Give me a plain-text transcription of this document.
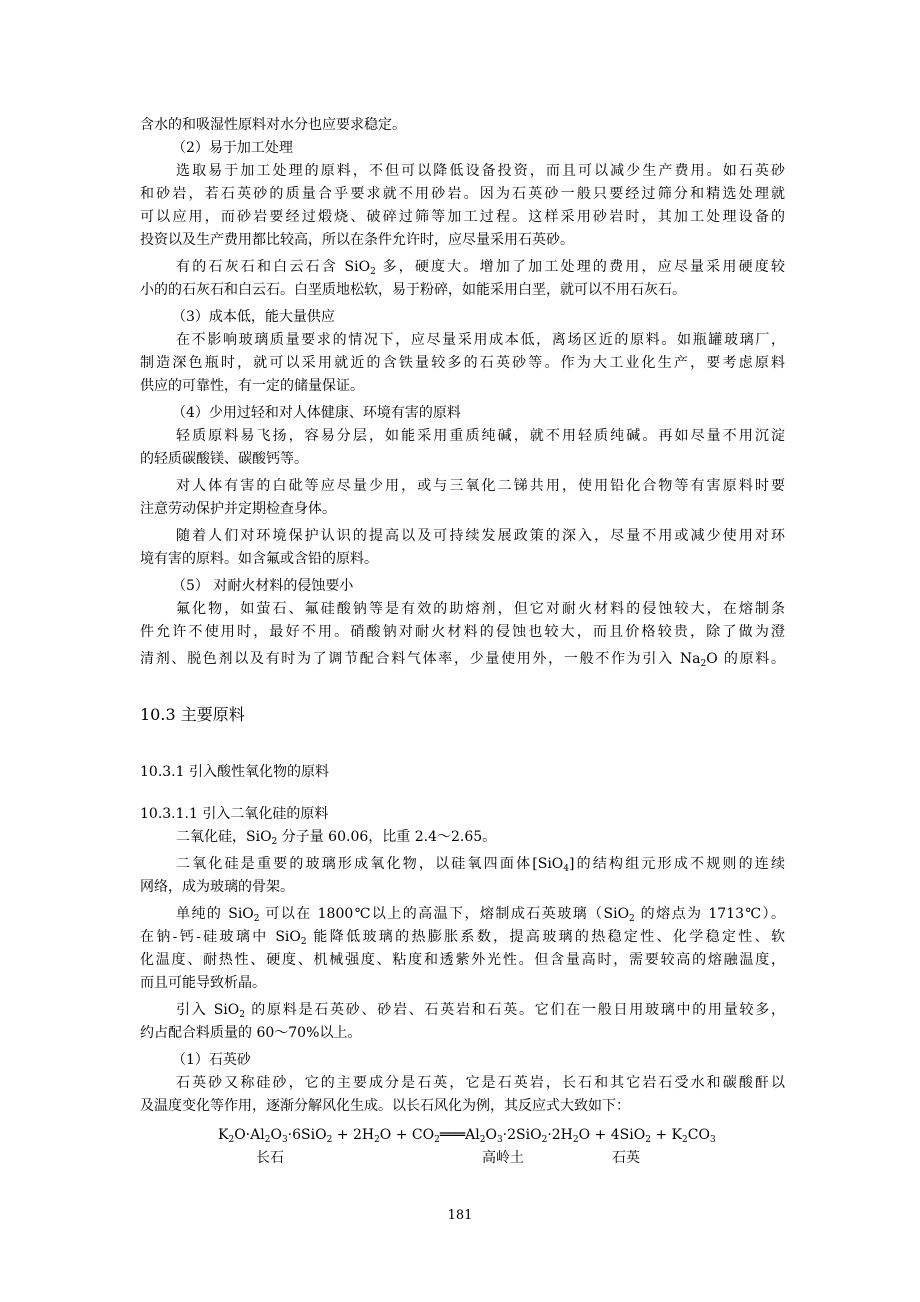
含水的和吸湿性原料对水分也应要求稳定。
（2）易于加工处理
选取易于加工处理的原料，不但可以降低设备投资，而且可以减少生产费用。如石英砂
和砂岩，若石英砂的质量合乎要求就不用砂岩。因为石英砂一般只要经过筛分和精选处理就
可以应用，而砂岩要经过煅烧、破碎过筛等加工过程。这样采用砂岩时，其加工处理设备的
投资以及生产费用都比较高，所以在条件允许时，应尽量采用石英砂。
有的石灰石和白云石含 SiO$_2$ 多，硬度大。增加了加工处理的费用，应尽量采用硬度较
小的的石灰石和白云石。白垩质地松软，易于粉碎，如能采用白垩，就可以不用石灰石。
（3）成本低，能大量供应
在不影响玻璃质量要求的情况下，应尽量采用成本低，离场区近的原料。如瓶罐玻璃厂，
制造深色瓶时，就可以采用就近的含铁量较多的石英砂等。作为大工业化生产，要考虑原料
供应的可靠性，有一定的储量保证。
（4）少用过轻和对人体健康、环境有害的原料
轻质原料易飞扬，容易分层，如能采用重质纯碱，就不用轻质纯碱。再如尽量不用沉淀
的轻质碳酸镁、碳酸钙等。
对人体有害的白砒等应尽量少用，或与三氧化二锑共用，使用铅化合物等有害原料时要
注意劳动保护并定期检查身体。
随着人们对环境保护认识的提高以及可持续发展政策的深入，尽量不用或减少使用对环
境有害的原料。如含氟或含铅的原料。
（5） 对耐火材料的侵蚀要小
氟化物，如萤石、氟硅酸钠等是有效的助熔剂，但它对耐火材料的侵蚀较大，在熔制条
件允许不使用时，最好不用。硝酸钠对耐火材料的侵蚀也较大，而且价格较贵，除了做为澄
清剂、脱色剂以及有时为了调节配合料气体率，少量使用外，一般不作为引入 $Na_2O$ 的原料。
10.3 主要原料
10.3.1 引入酸性氧化物的原料
10.3.1.1 引入二氧化硅的原料
二氧化硅，SiO$_2$ 分子量 60.06，比重 2.4～2.65。
二氧化硅是重要的玻璃形成氧化物，以硅氧四面体[SiO$_4$]的结构组元形成不规则的连续
网络，成为玻璃的骨架。
单纯的 SiO$_2$ 可以在 1800℃以上的高温下，熔制成石英玻璃（SiO$_2$ 的熔点为 1713℃）。
在钠-钙-硅玻璃中 SiO$_2$ 能降低玻璃的热膨胀系数，提高玻璃的热稳定性、化学稳定性、软
化温度、耐热性、硬度、机械强度、粘度和透紫外光性。但含量高时，需要较高的熔融温度，
而且可能导致析晶。
引入 SiO$_2$ 的原料是石英砂、砂岩、石英岩和石英。它们在一般日用玻璃中的用量较多，
约占配合料质量的 60～70%以上。
（1）石英砂
石英砂又称硅砂，它的主要成分是石英，它是石英岩，长石和其它岩石受水和碳酸酐以
及温度变化等作用，逐渐分解风化生成。以长石风化为例，其反应式大致如下：
$K_2O\cdot Al_2O_3\cdot 6SiO_2 + 2H_2O$ + $CO_2═══Al_2O_3\cdot 2SiO_2\cdot 2H_2O + 4SiO_2 + K_2CO_3$
长石	高岭土	石英
181
